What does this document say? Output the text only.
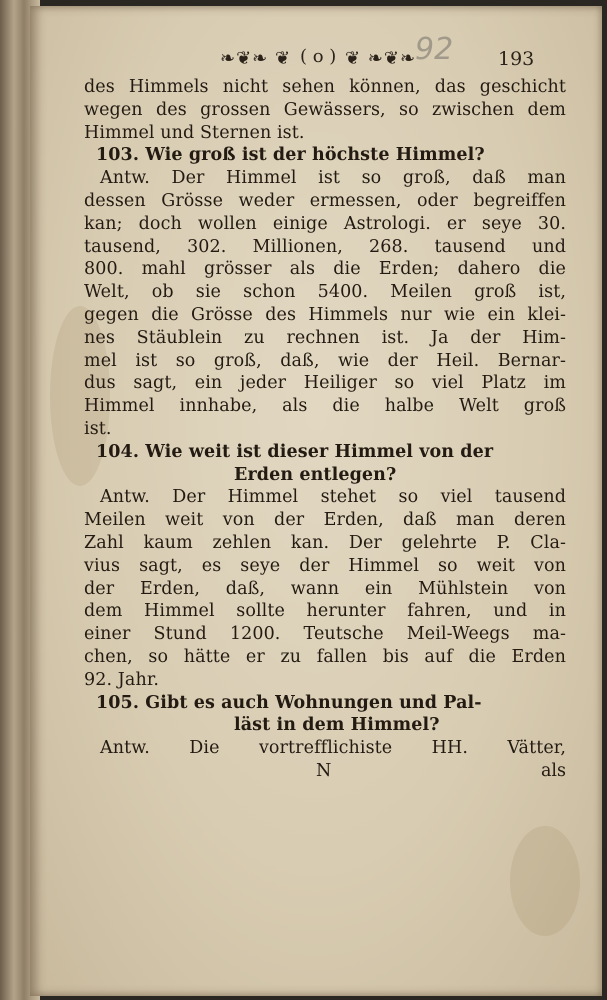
❧❦❧ ❦ ( o ) ❦ ❧❦❧
92 193
des Himmels nicht sehen können, das geschicht
wegen des grossen Gewässers, so zwischen dem
Himmel und Sternen ist.
103. Wie groß ist der höchste Himmel?
Antw. Der Himmel ist so groß, daß man
dessen Grösse weder ermessen, oder begreiffen
kan; doch wollen einige Astrologi. er seye 30.
tausend, 302. Millionen, 268. tausend und
800. mahl grösser als die Erden; dahero die
Welt, ob sie schon 5400. Meilen groß ist,
gegen die Grösse des Himmels nur wie ein klei-
nes Stäublein zu rechnen ist. Ja der Him-
mel ist so groß, daß, wie der Heil. Bernar-
dus sagt, ein jeder Heiliger so viel Platz im
Himmel innhabe, als die halbe Welt groß
ist.
104. Wie weit ist dieser Himmel von der
Erden entlegen?
Antw. Der Himmel stehet so viel tausend
Meilen weit von der Erden, daß man deren
Zahl kaum zehlen kan. Der gelehrte P. Cla-
vius sagt, es seye der Himmel so weit von
der Erden, daß, wann ein Mühlstein von
dem Himmel sollte herunter fahren, und in
einer Stund 1200. Teutsche Meil-Weegs ma-
chen, so hätte er zu fallen bis auf die Erden
92. Jahr.
105. Gibt es auch Wohnungen und Pal-
läst in dem Himmel?
Antw. Die vortrefflichiste HH. Vätter,
N	als
